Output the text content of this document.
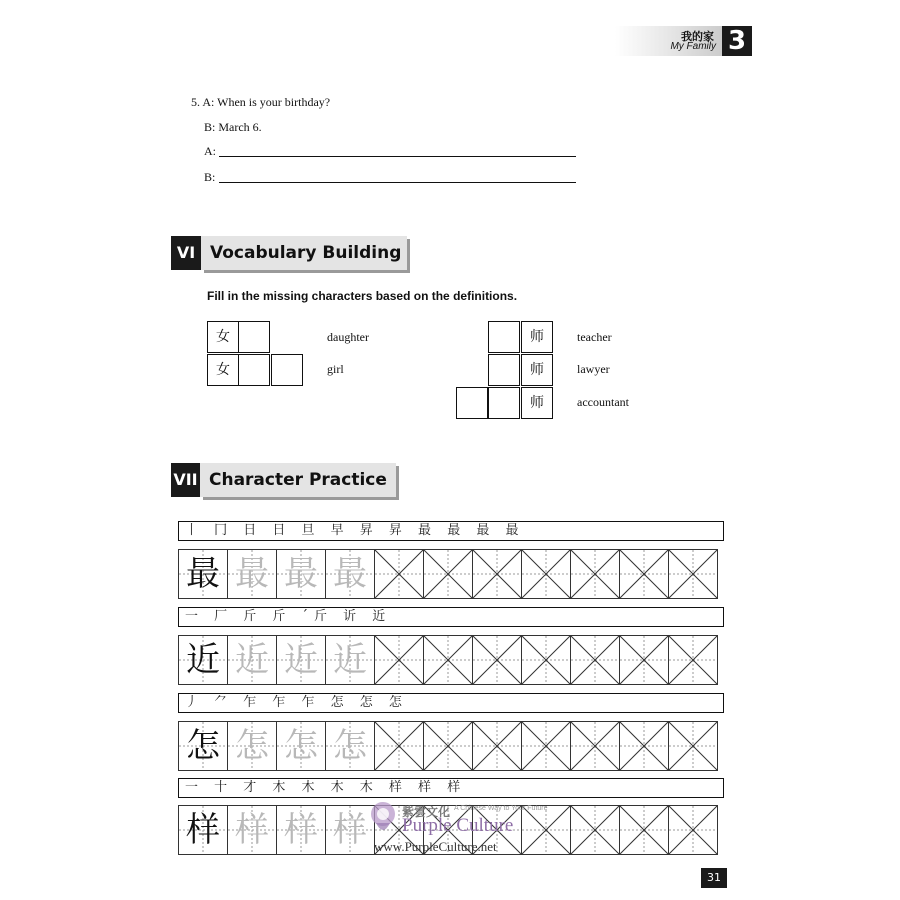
我的家
My Family 3
5. A: When is your birthday?
B: March 6.
A:
B:
VI Vocabulary Building
Fill in the missing characters based on the definitions.
女	daughter
女	girl
师	teacher
师	lawyer
师	accountant
VII Character Practice
丨 冂 日 日 旦 早 昇 昇 最 最 最 最
最 最 最 最
一 厂 斤 斤 ˊ斤 䜣 近
近 近 近 近
丿 ⺈ 乍 乍 乍 怎 怎 怎
怎 怎 怎 怎
一 十 才 木 木 木 木 样 样 样
样 样 样 样	紫雲文化 A Chinese Way to Your Future
Purple Culture
www.PurpleCulture.net
31
